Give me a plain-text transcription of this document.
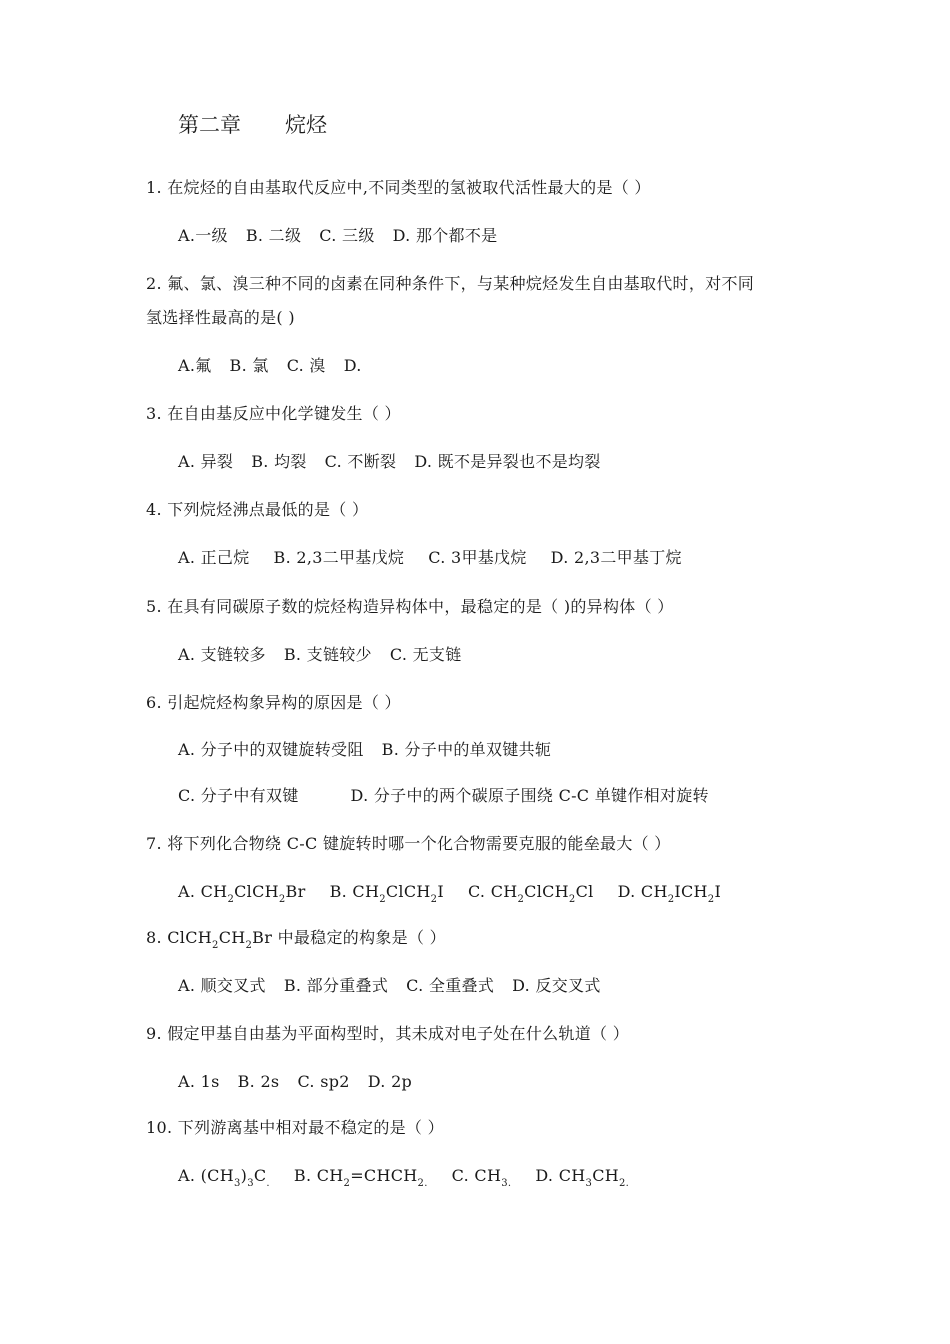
第二章 烷烃
1. 在烷烃的自由基取代反应中,不同类型的氢被取代活性最大的是（ ）
A.一级 B. 二级 C. 三级 D. 那个都不是
2. 氟、氯、溴三种不同的卤素在同种条件下，与某种烷烃发生自由基取代时，对不同
氢选择性最高的是( )
A.氟 B. 氯 C. 溴 D.
3. 在自由基反应中化学键发生（ ）
A. 异裂 B. 均裂 C. 不断裂 D. 既不是异裂也不是均裂
4. 下列烷烃沸点最低的是（ ）
A. 正己烷 B. 2,3二甲基戊烷 C. 3甲基戊烷 D. 2,3二甲基丁烷
5. 在具有同碳原子数的烷烃构造异构体中，最稳定的是（ )的异构体（ ）
A. 支链较多 B. 支链较少 C. 无支链
6. 引起烷烃构象异构的原因是（ ）
A. 分子中的双键旋转受阻 B. 分子中的单双键共轭
C. 分子中有双键	D. 分子中的两个碳原子围绕 C-C 单键作相对旋转
7. 将下列化合物绕 C-C 键旋转时哪一个化合物需要克服的能垒最大（ ）
A. $CH_2ClCH_2Br$ B. $CH_2ClCH_2I$ C. $CH_2ClCH_2Cl$ D. $CH_2ICH_2I$
8. $ClCH_2CH_2Br$ 中最稳定的构象是（ ）
A. 顺交叉式 B. 部分重叠式 C. 全重叠式 D. 反交叉式
9. 假定甲基自由基为平面构型时，其未成对电子处在什么轨道（ ）
A. 1s B. 2s C. sp2 D. 2p
10. 下列游离基中相对最不稳定的是（ ）
A. $(CH_3)_3C_.$ B. $CH_2=CHCH_{2.}$ C. $CH_{3.}$ D. $CH_3CH_{2.}$
